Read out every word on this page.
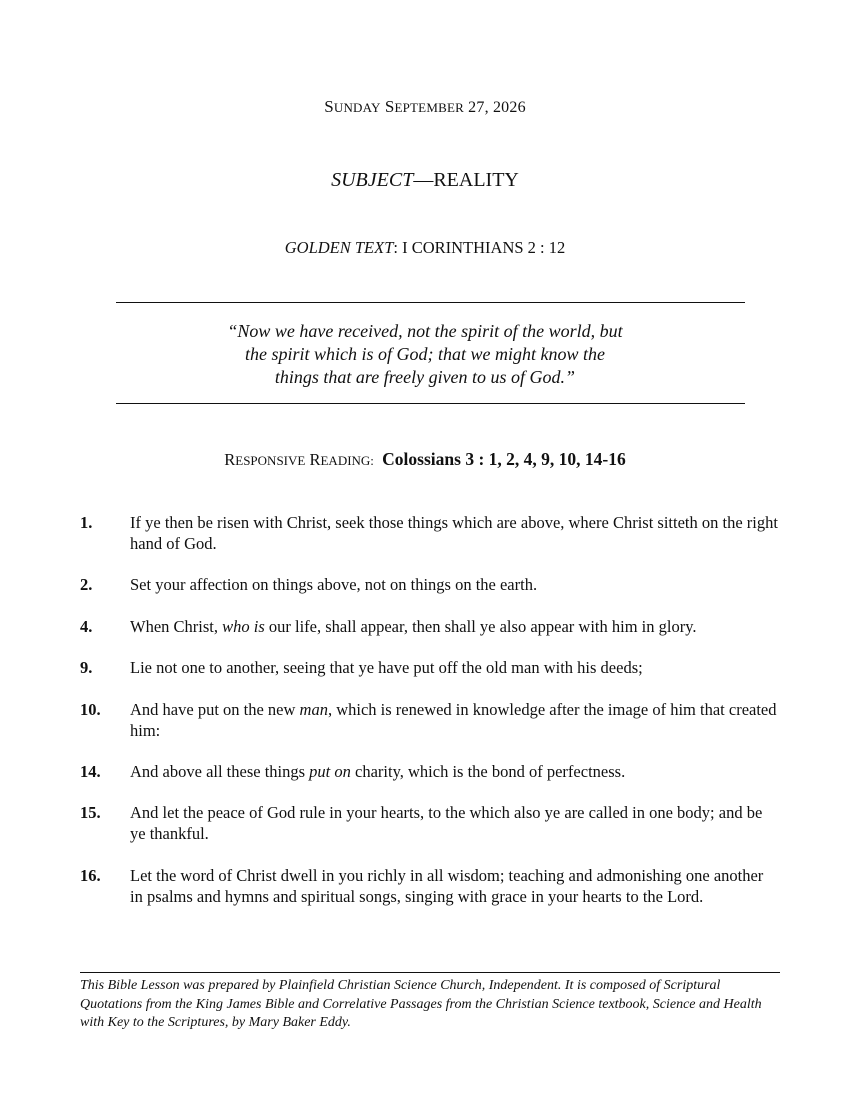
SUNDAY SEPTEMBER 27, 2026
SUBJECT—REALITY
GOLDEN TEXT: I CORINTHIANS 2 : 12
“Now we have received, not the spirit of the world, but
the spirit which is of God; that we might know the
things that are freely given to us of God.”
RESPONSIVE READING: Colossians 3 : 1, 2, 4, 9, 10, 14-16
1. If ye then be risen with Christ, seek those things which are above, where Christ sitteth on the right hand of God.
2. Set your affection on things above, not on things on the earth.
4. When Christ, who is our life, shall appear, then shall ye also appear with him in glory.
9. Lie not one to another, seeing that ye have put off the old man with his deeds;
10. And have put on the new man, which is renewed in knowledge after the image of him that created him:
14. And above all these things put on charity, which is the bond of perfectness.
15. And let the peace of God rule in your hearts, to the which also ye are called in one body; and be ye thankful.
16. Let the word of Christ dwell in you richly in all wisdom; teaching and admonishing one another in psalms and hymns and spiritual songs, singing with grace in your hearts to the Lord.
This Bible Lesson was prepared by Plainfield Christian Science Church, Independent. It is composed of Scriptural Quotations from the King James Bible and Correlative Passages from the Christian Science textbook, Science and Health with Key to the Scriptures, by Mary Baker Eddy.
